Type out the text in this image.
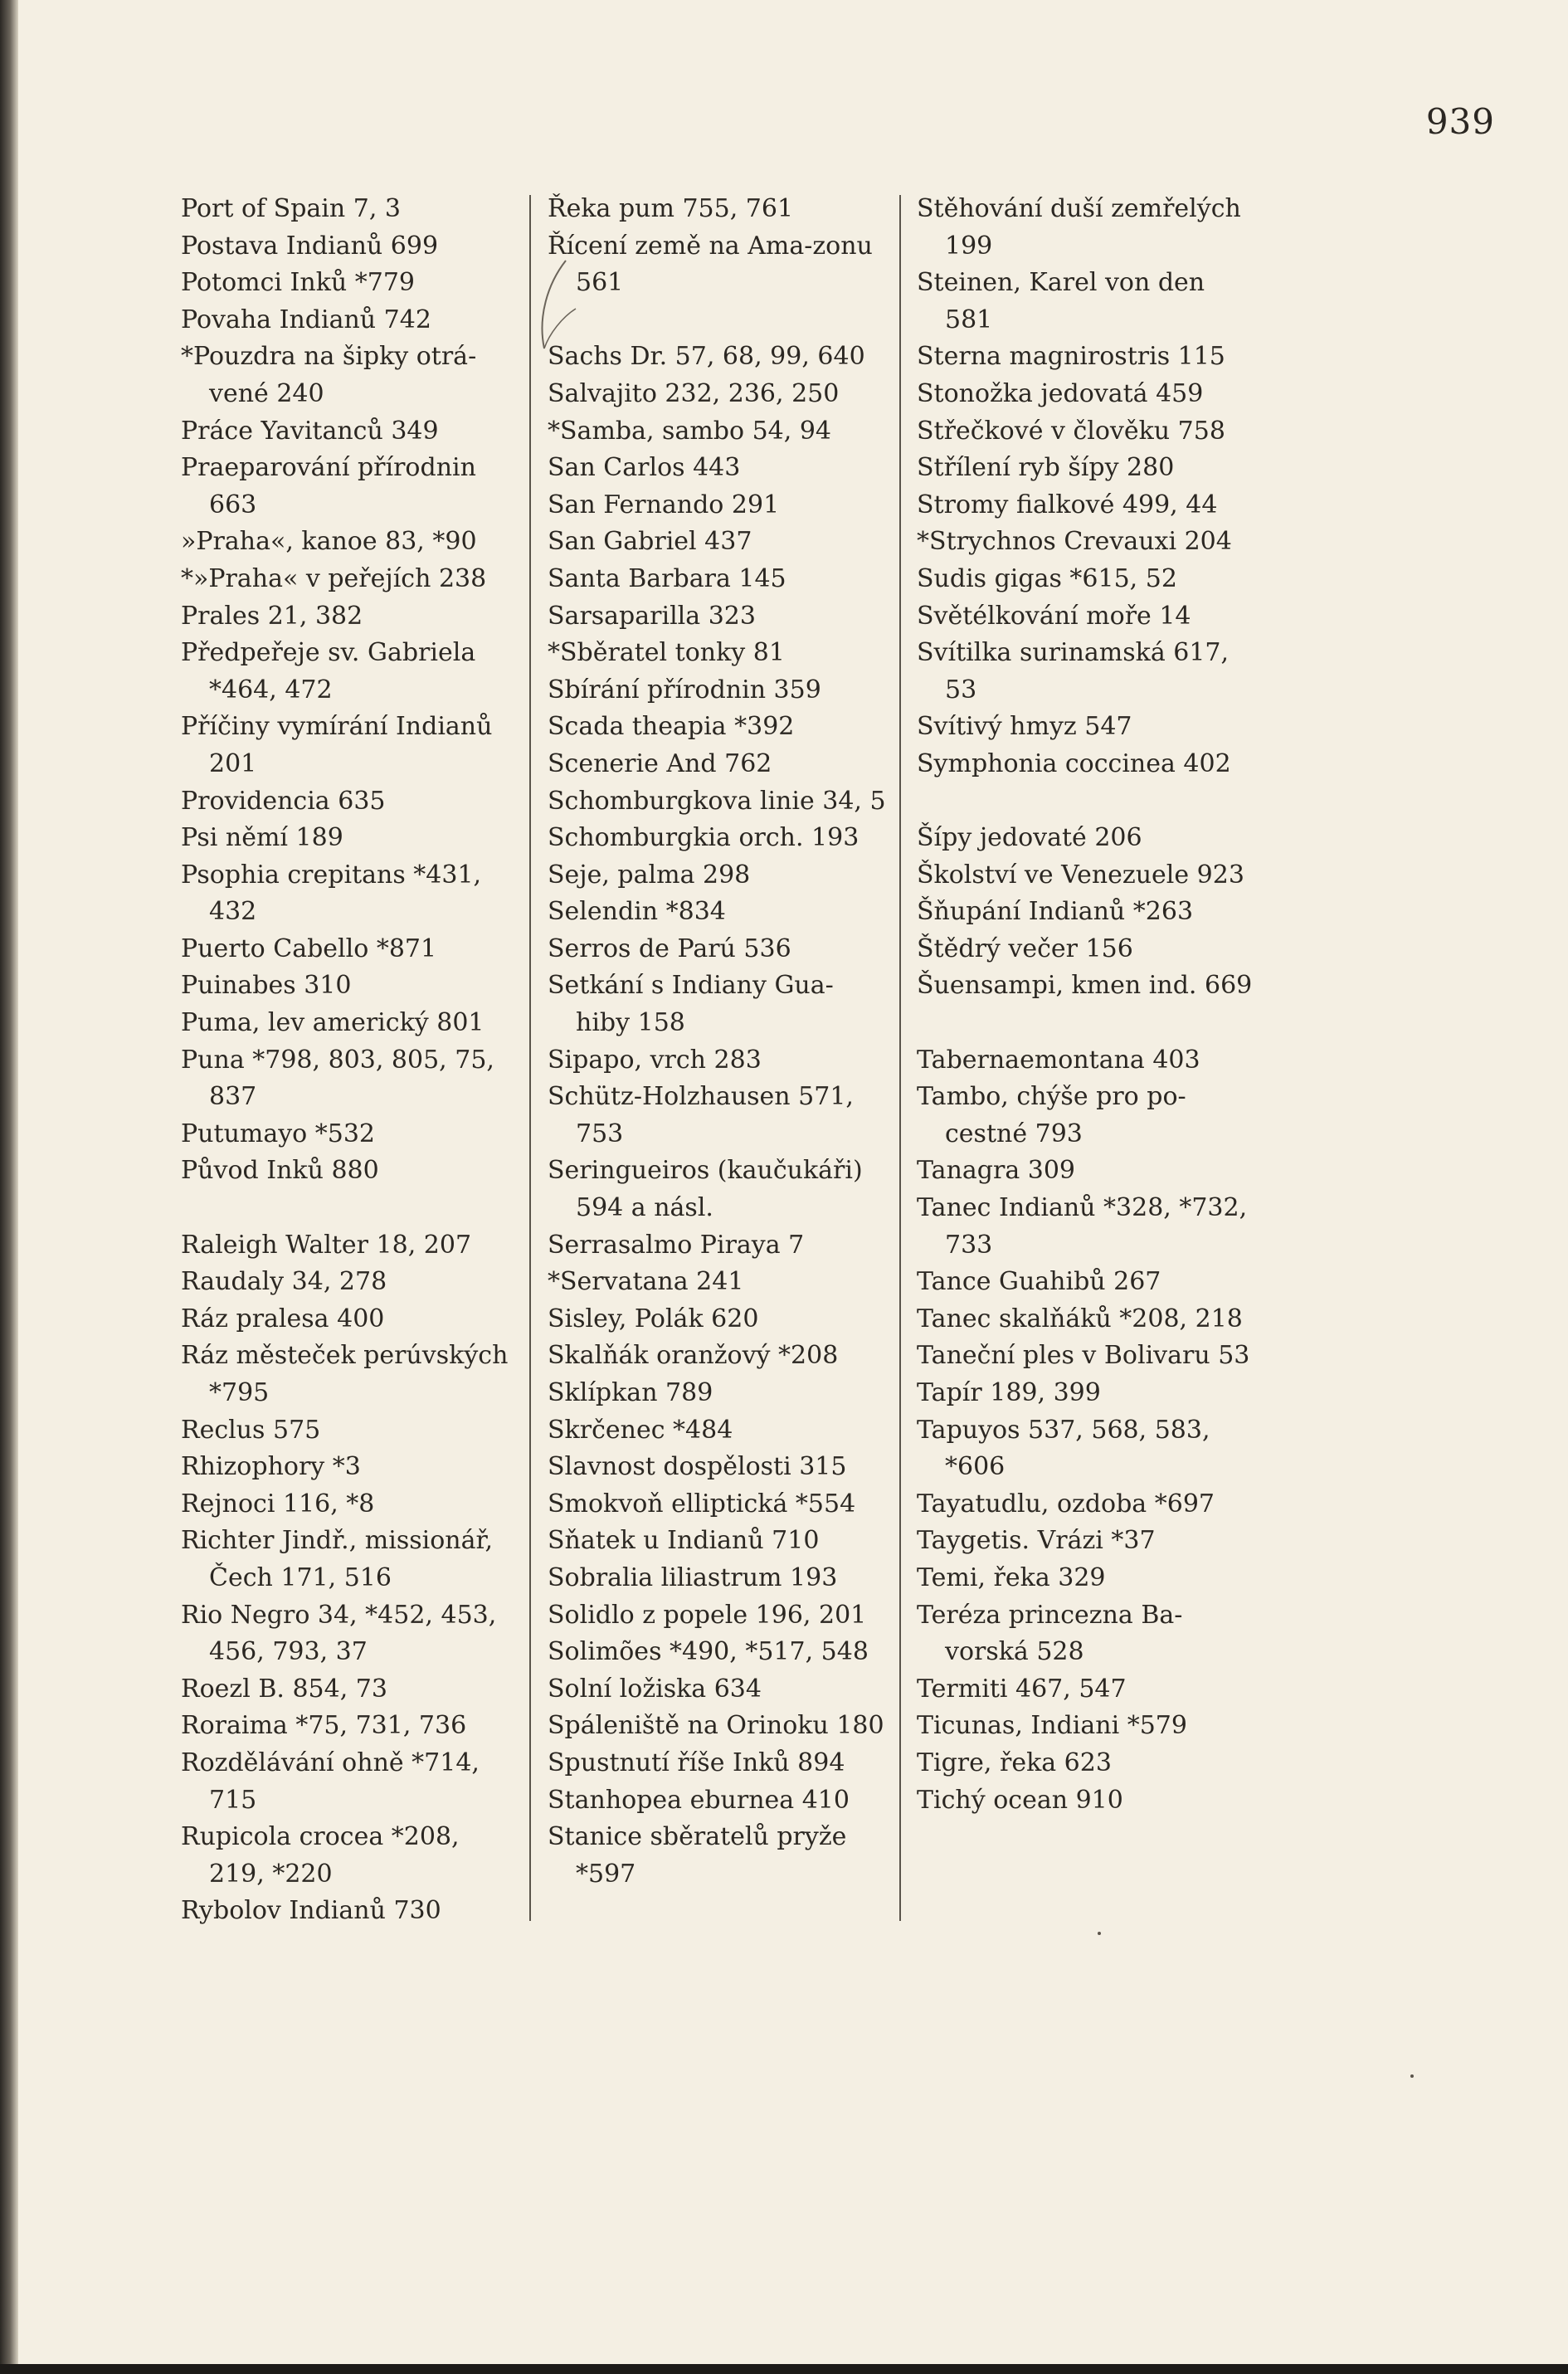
939
Port of Spain 7, 3
Postava Indianů 699
Potomci Inků *779
Povaha Indianů 742
*Pouzdra na šipky otrá-vené 240
Práce Yavitanců 349
Praeparování přírodnin 663
»Praha«, kanoe 83, *90
*»Praha« v peřejích 238
Prales 21, 382
Předpeřeje sv. Gabriela *464, 472
Příčiny vymírání Indianů 201
Providencia 635
Psi němí 189
Psophia crepitans *431, 432
Puerto Cabello *871
Puinabes 310
Puma, lev americký 801
Puna *798, 803, 805, 75, 837
Putumayo *532
Původ Inků 880
Raleigh Walter 18, 207
Raudaly 34, 278
Ráz pralesa 400
Ráz městeček perúvských *795
Reclus 575
Rhizophory *3
Rejnoci 116, *8
Richter Jindř., missionář, Čech 171, 516
Rio Negro 34, *452, 453, 456, 793, 37
Roezl B. 854, 73
Roraima *75, 731, 736
Rozdělávání ohně *714, 715
Rupicola crocea *208, 219, *220
Rybolov Indianů 730
Řeka pum 755, 761
Řícení země na Ama-zonu 561
Sachs Dr. 57, 68, 99, 640
Salvajito 232, 236, 250
*Samba, sambo 54, 94
San Carlos 443
San Fernando 291
San Gabriel 437
Santa Barbara 145
Sarsaparilla 323
*Sběratel tonky 81
Sbírání přírodnin 359
Scada theapia *392
Scenerie And 762
Schomburgkova linie 34, 5
Schomburgkia orch. 193
Seje, palma 298
Selendin *834
Serros de Parú 536
Setkání s Indiany Gua-hiby 158
Sipapo, vrch 283
Schütz-Holzhausen 571, 753
Seringueiros (kaučukáři) 594 a násl.
Serrasalmo Piraya 7
*Servatana 241
Sisley, Polák 620
Skalňák oranžový *208
Sklípkan 789
Skrčenec *484
Slavnost dospělosti 315
Smokvoň elliptická *554
Sňatek u Indianů 710
Sobralia liliastrum 193
Solidlo z popele 196, 201
Solimões *490, *517, 548
Solní ložiska 634
Spáleniště na Orinoku 180
Spustnutí říše Inků 894
Stanhopea eburnea 410
Stanice sběratelů pryže *597
Stěhování duší zemřelých 199
Steinen, Karel von den 581
Sterna magnirostris 115
Stonožka jedovatá 459
Střečkové v člověku 758
Střílení ryb šípy 280
Stromy fialkové 499, 44
*Strychnos Crevauxi 204
Sudis gigas *615, 52
Světélkování moře 14
Svítilka surinamská 617, 53
Svítivý hmyz 547
Symphonia coccinea 402
Šípy jedovaté 206
Školství ve Venezuele 923
Šňupání Indianů *263
Štědrý večer 156
Šuensampi, kmen ind. 669
Tabernaemontana 403
Tambo, chýše pro po-cestné 793
Tanagra 309
Tanec Indianů *328, *732, 733
Tance Guahibů 267
Tanec skalňáků *208, 218
Taneční ples v Bolivaru 53
Tapír 189, 399
Tapuyos 537, 568, 583, *606
Tayatudlu, ozdoba *697
Taygetis. Vrázi *37
Temi, řeka 329
Teréza princezna Ba-vorská 528
Termiti 467, 547
Ticunas, Indiani *579
Tigre, řeka 623
Tichý ocean 910
